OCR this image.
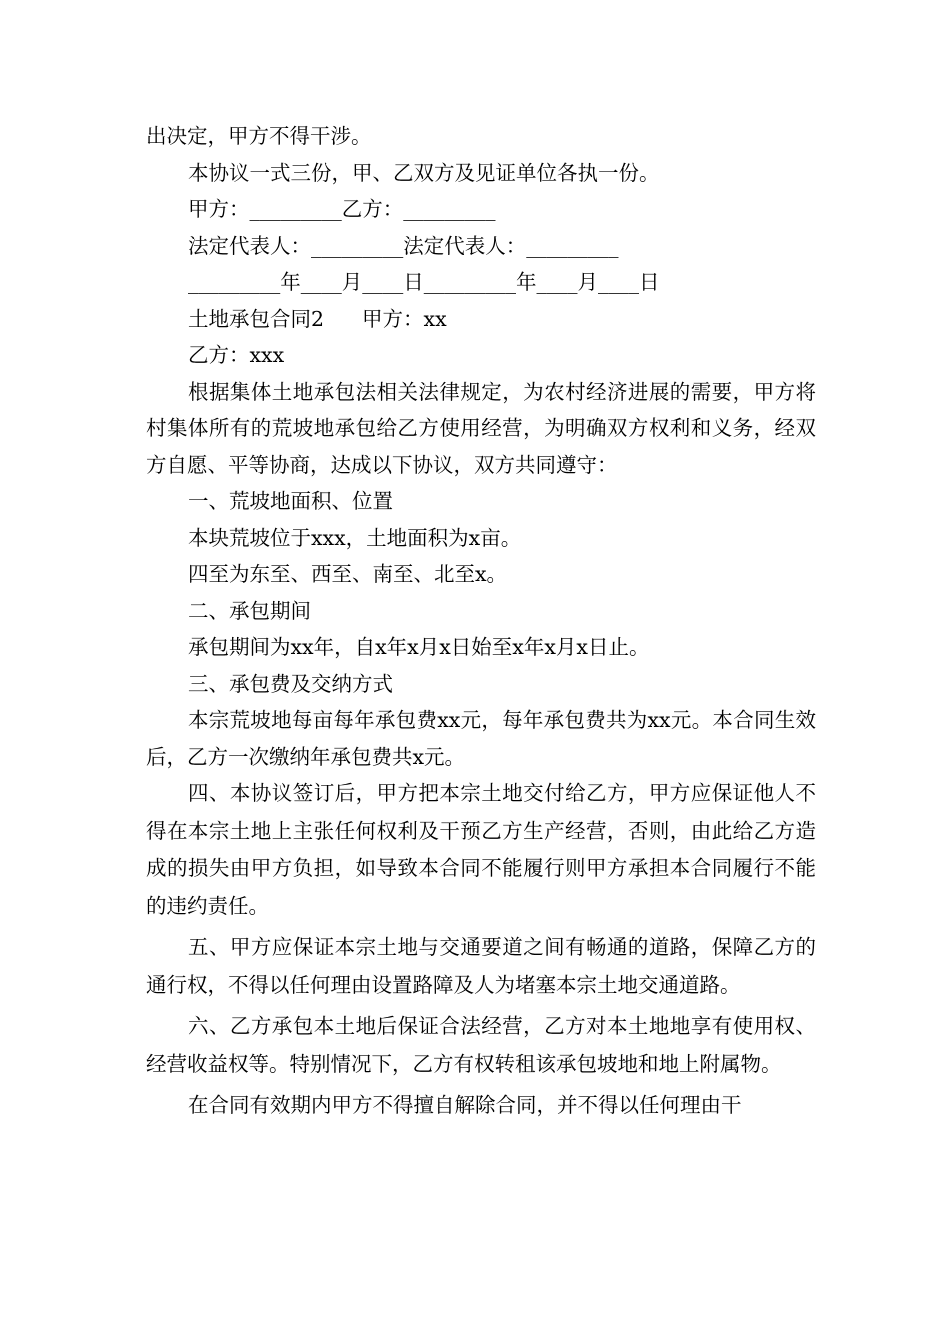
出决定，甲方不得干涉。

本协议一式三份，甲、乙双方及见证单位各执一份。
甲方：_________乙方：_________
法定代表人：_________法定代表人：_________
_________年____月____日_________年____月____日
土地承包合同2 甲方：xx
乙方：xxx

根据集体土地承包法相关法律规定，为农村经济进展的需要，甲方将村集体所有的荒坡地承包给乙方使用经营，为明确双方权利和义务，经双方自愿、平等协商，达成以下协议，双方共同遵守：

一、荒坡地面积、位置
本块荒坡位于xxx，土地面积为x亩。
四至为东至、西至、南至、北至x。
二、承包期间
承包期间为xx年，自x年x月x日始至x年x月x日止。
三、承包费及交纳方式

本宗荒坡地每亩每年承包费xx元，每年承包费共为xx元。本合同生效后，乙方一次缴纳年承包费共x元。

四、本协议签订后，甲方把本宗土地交付给乙方，甲方应保证他人不得在本宗土地上主张任何权利及干预乙方生产经营，否则，由此给乙方造成的损失由甲方负担，如导致本合同不能履行则甲方承担本合同履行不能的违约责任。

五、甲方应保证本宗土地与交通要道之间有畅通的道路，保障乙方的通行权，不得以任何理由设置路障及人为堵塞本宗土地交通道路。

六、乙方承包本土地后保证合法经营，乙方对本土地地享有使用权、经营收益权等。特别情况下，乙方有权转租该承包坡地和地上附属物。

在合同有效期内甲方不得擅自解除合同，并不得以任何理由干
